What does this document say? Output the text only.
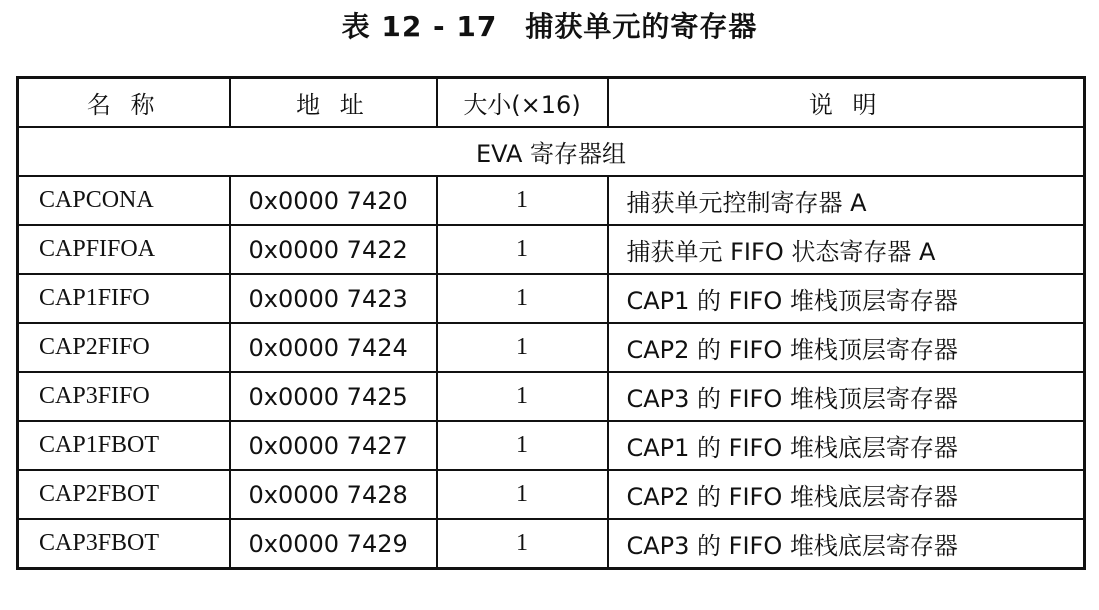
表 12 - 17 捕获单元的寄存器
名 称	地 址	大小(×16)	说 明
EVA 寄存器组			
CAPCONA	0x0000 7420	1	捕获单元控制寄存器 A
CAPFIFOA	0x0000 7422	1	捕获单元 FIFO 状态寄存器 A
CAP1FIFO	0x0000 7423	1	CAP1 的 FIFO 堆栈顶层寄存器
CAP2FIFO	0x0000 7424	1	CAP2 的 FIFO 堆栈顶层寄存器
CAP3FIFO	0x0000 7425	1	CAP3 的 FIFO 堆栈顶层寄存器
CAP1FBOT	0x0000 7427	1	CAP1 的 FIFO 堆栈底层寄存器
CAP2FBOT	0x0000 7428	1	CAP2 的 FIFO 堆栈底层寄存器
CAP3FBOT	0x0000 7429	1	CAP3 的 FIFO 堆栈底层寄存器
